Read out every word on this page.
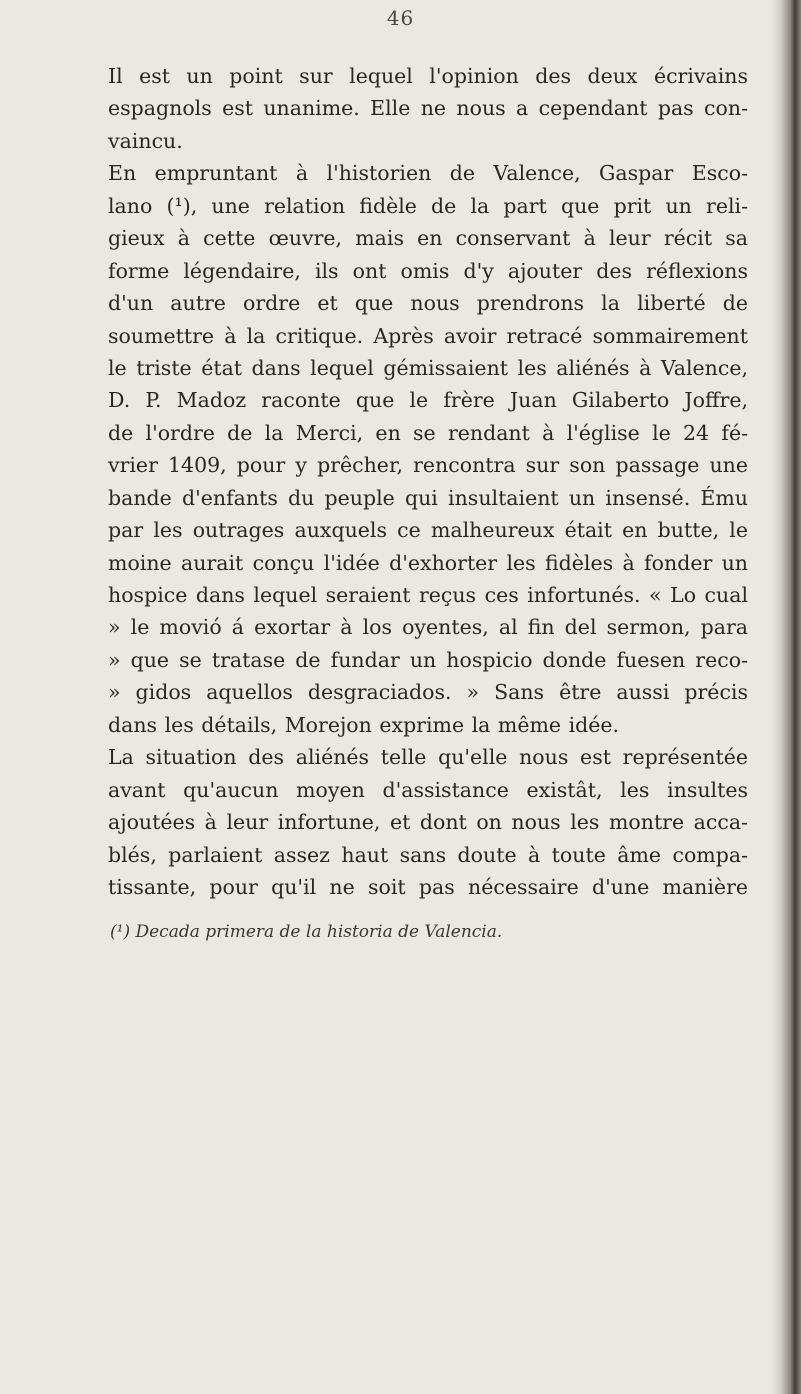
46
Il est un point sur lequel l'opinion des deux écrivains
espagnols est unanime. Elle ne nous a cependant pas con-
vaincu.
En empruntant à l'historien de Valence, Gaspar Esco-
lano (¹), une relation fidèle de la part que prit un reli-
gieux à cette œuvre, mais en conservant à leur récit sa
forme légendaire, ils ont omis d'y ajouter des réflexions
d'un autre ordre et que nous prendrons la liberté de
soumettre à la critique. Après avoir retracé sommairement
le triste état dans lequel gémissaient les aliénés à Valence,
D. P. Madoz raconte que le frère Juan Gilaberto Joffre,
de l'ordre de la Merci, en se rendant à l'église le 24 fé-
vrier 1409, pour y prêcher, rencontra sur son passage une
bande d'enfants du peuple qui insultaient un insensé. Ému
par les outrages auxquels ce malheureux était en butte, le
moine aurait conçu l'idée d'exhorter les fidèles à fonder un
hospice dans lequel seraient reçus ces infortunés. « Lo cual
» le movió á exortar à los oyentes, al fin del sermon, para
» que se tratase de fundar un hospicio donde fuesen reco-
» gidos aquellos desgraciados. » Sans être aussi précis
dans les détails, Morejon exprime la même idée.
La situation des aliénés telle qu'elle nous est représentée
avant qu'aucun moyen d'assistance existât, les insultes
ajoutées à leur infortune, et dont on nous les montre acca-
blés, parlaient assez haut sans doute à toute âme compa-
tissante, pour qu'il ne soit pas nécessaire d'une manière
(¹) Decada primera de la historia de Valencia.
